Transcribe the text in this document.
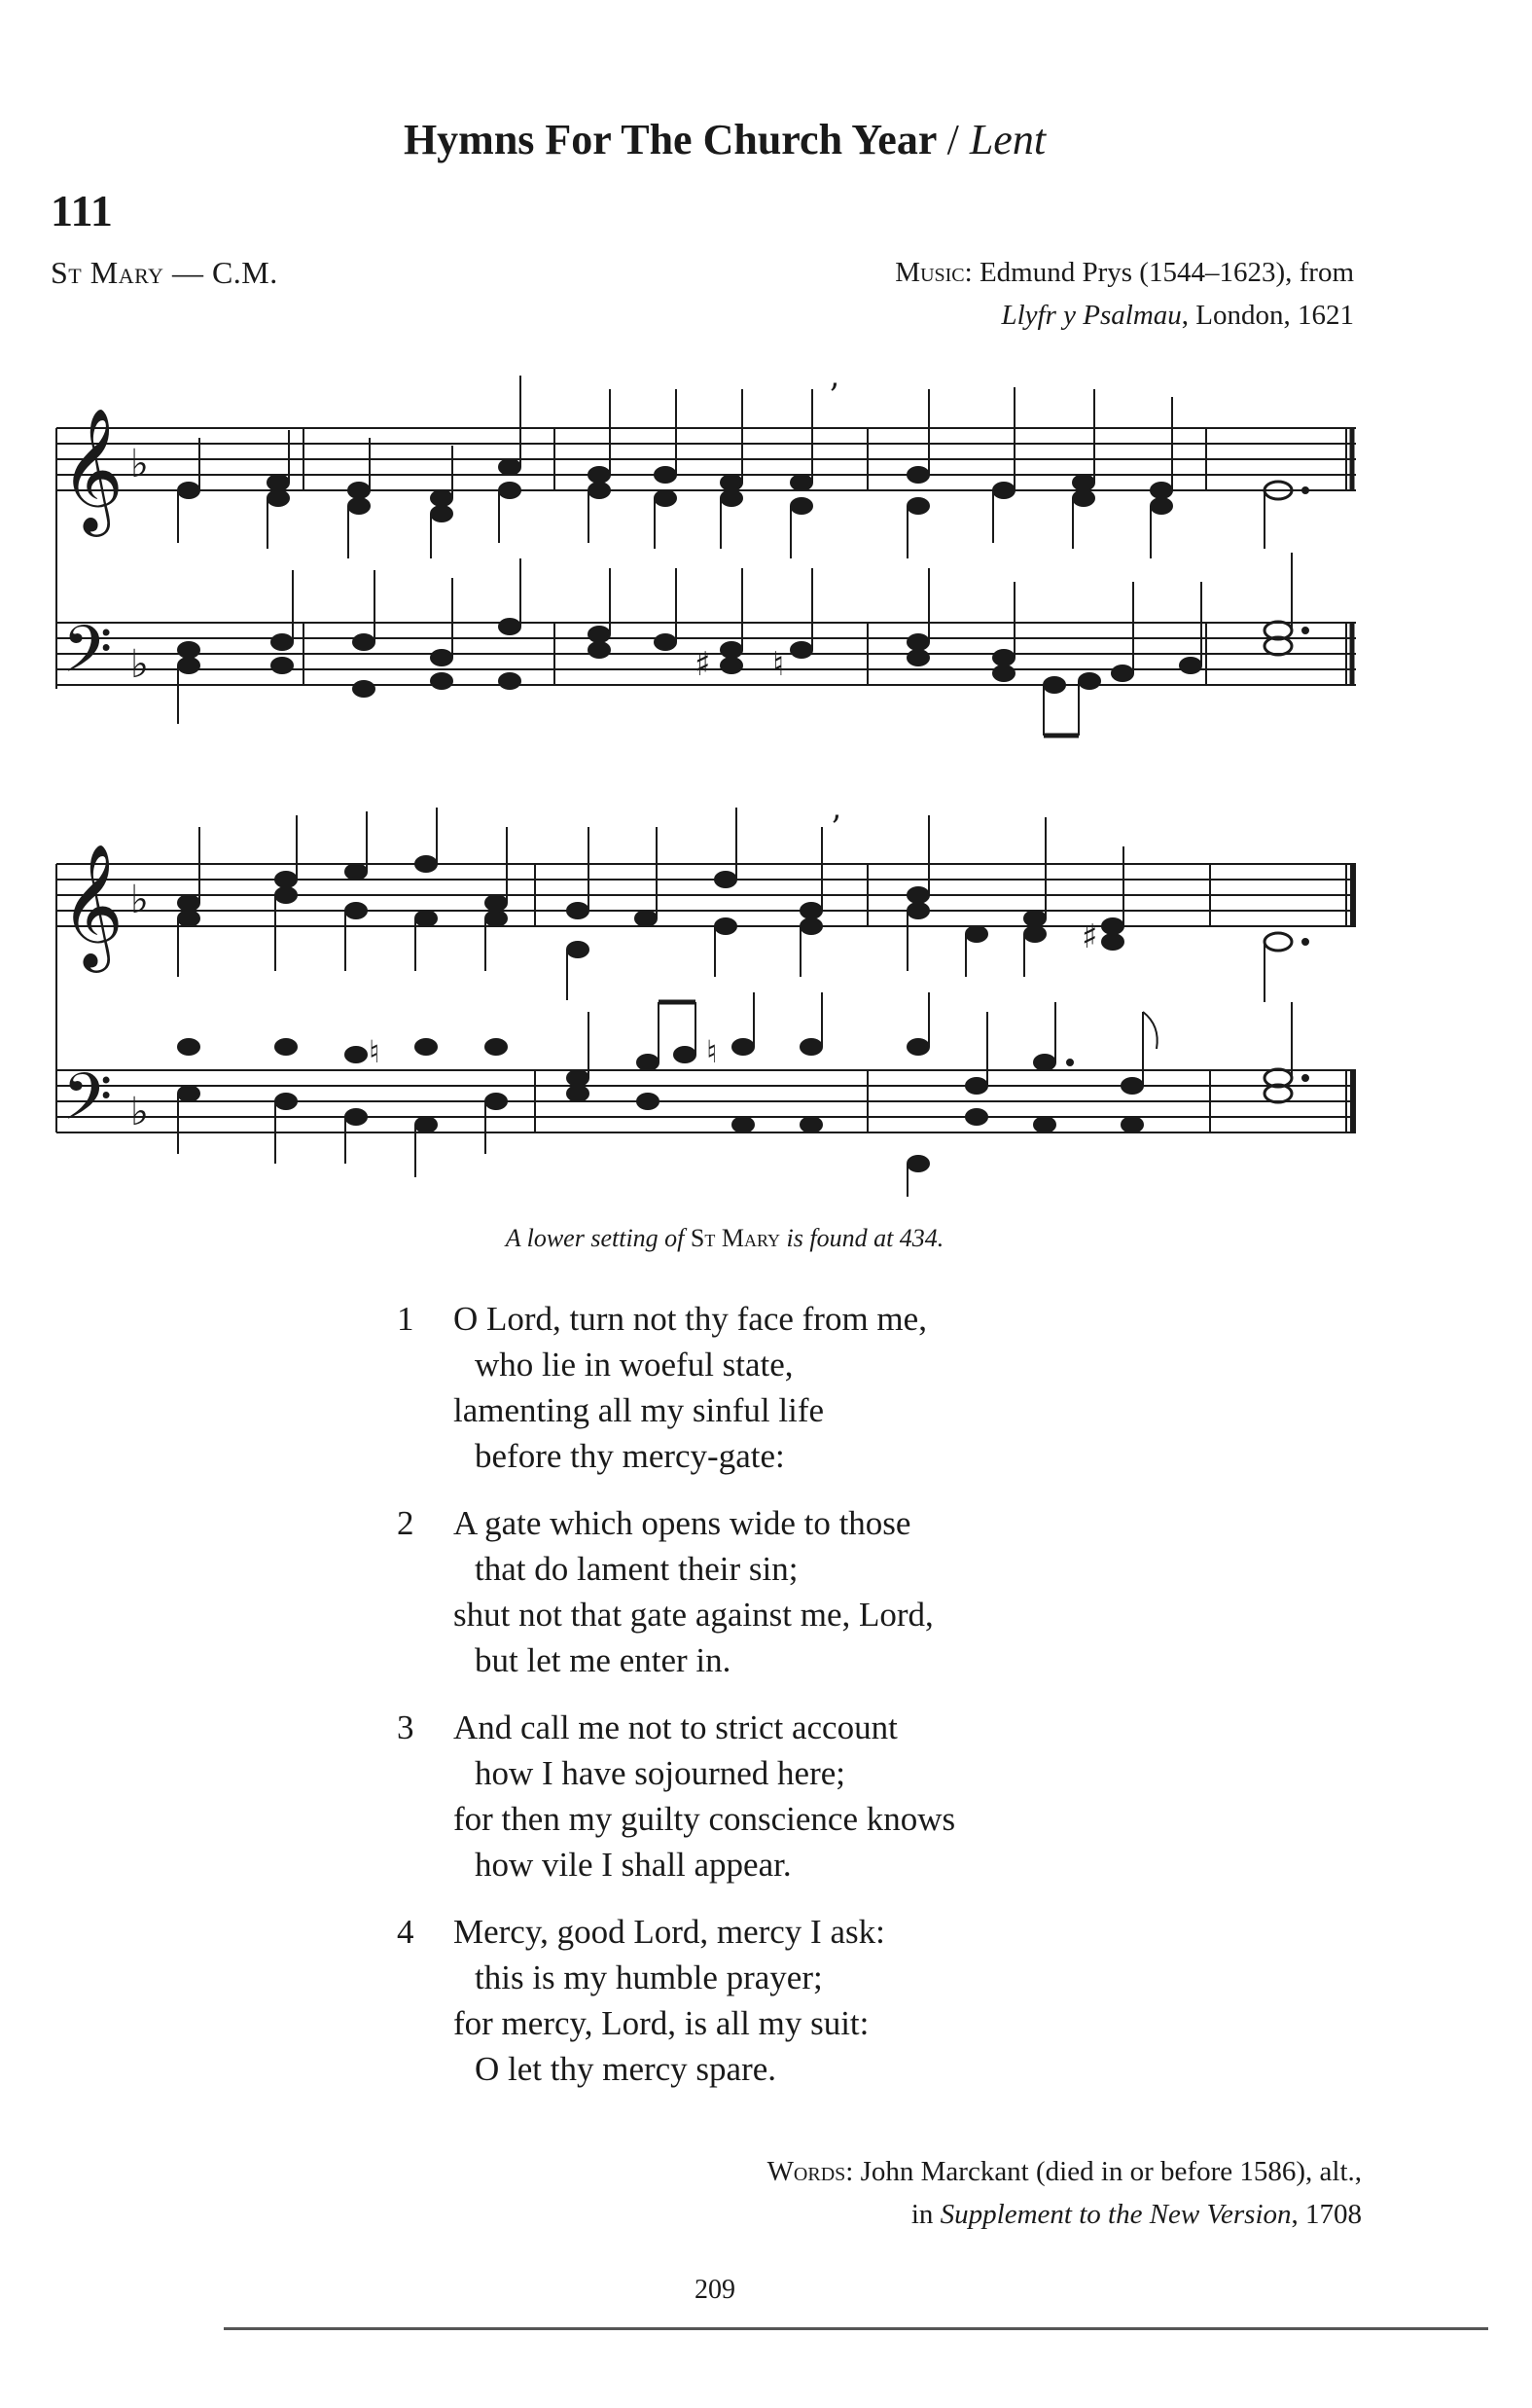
Hymns For The Church Year / Lent
111
St Mary — C.M.	Music: Edmund Prys (1544–1623), from
Llyfr y Psalmau, London, 1621
𝄞
𝄢
♭
♭
’
♯ ♮
𝄞
𝄢
♭
♭
’
♯
♮	♮
A lower setting of St Mary is found at 434.
1 O Lord, turn not thy face from me,
who lie in woeful state,
lamenting all my sinful life
before thy mercy-gate:
2 A gate which opens wide to those
that do lament their sin;
shut not that gate against me, Lord,
but let me enter in.
3 And call me not to strict account
how I have sojourned here;
for then my guilty conscience knows
how vile I shall appear.
4 Mercy, good Lord, mercy I ask:
this is my humble prayer;
for mercy, Lord, is all my suit:
O let thy mercy spare.
Words: John Marckant (died in or before 1586), alt.,
in Supplement to the New Version, 1708
209
